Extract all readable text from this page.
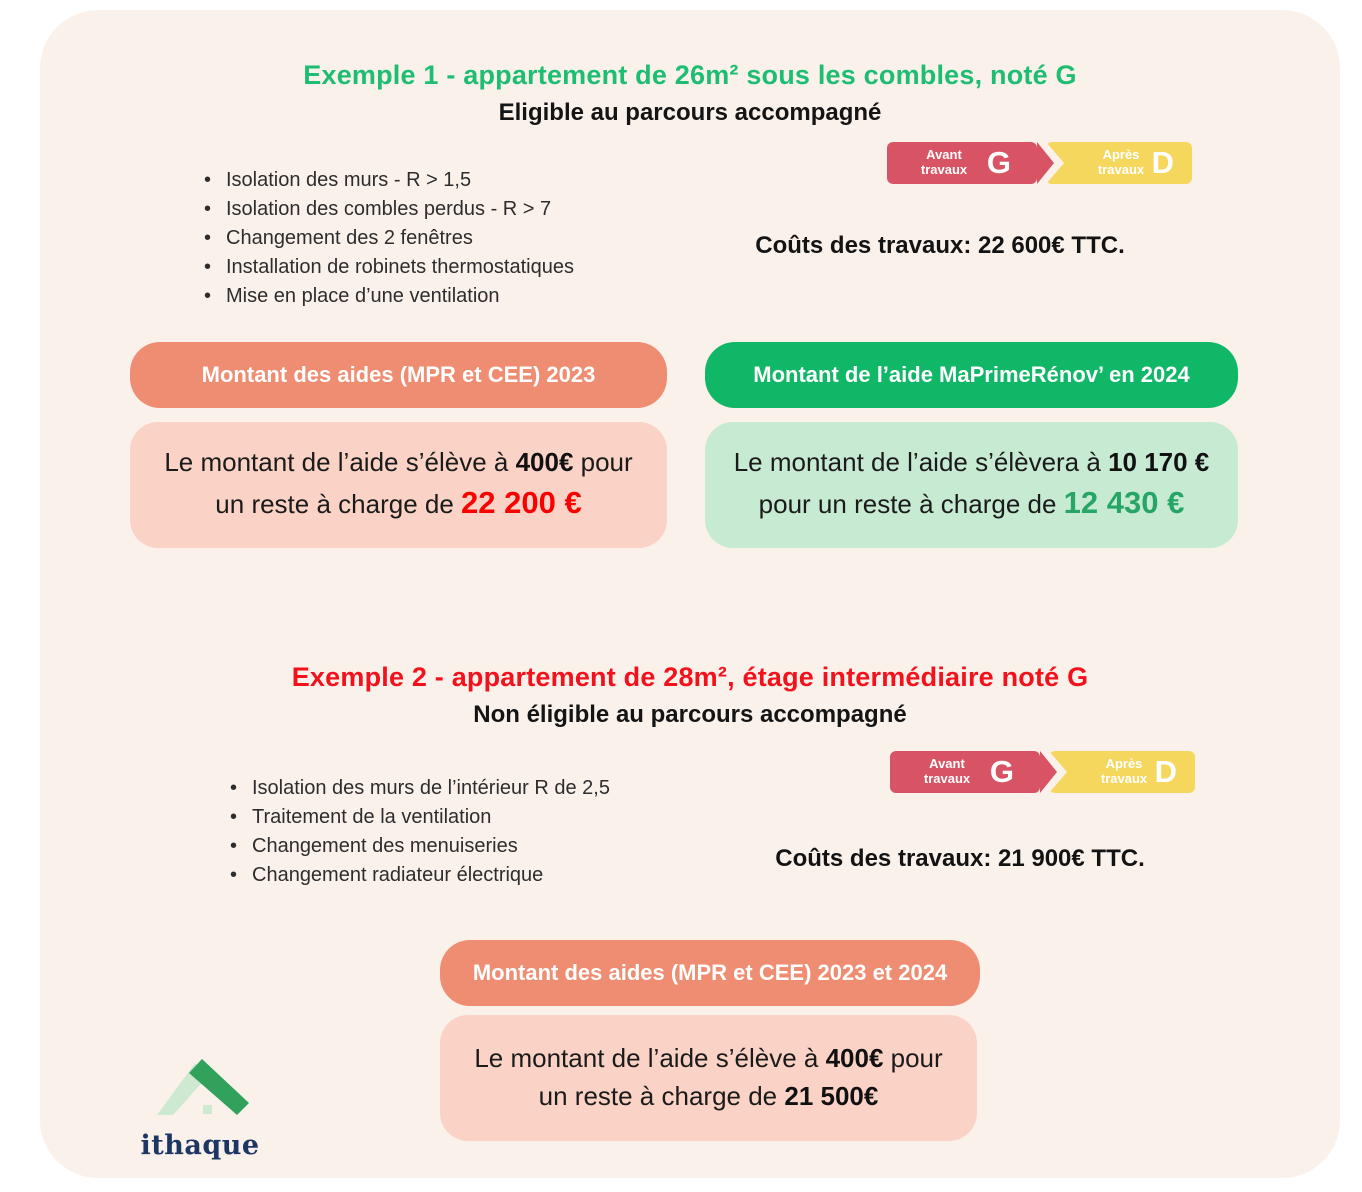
Exemple 1 - appartement de 26m² sous les combles, noté G
Eligible au parcours accompagné
• Isolation des murs - R > 1,5
• Isolation des combles perdus - R > 7
• Changement des 2 fenêtres
• Installation de robinets thermostatiques
• Mise en place d’une ventilation
Après travaux D
Avant travaux G
Coûts des travaux: 22 600€ TTC.
Montant des aides (MPR et CEE) 2023	Montant de l’aide MaPrimeRénov’ en 2024

Le montant de l’aide s’élève à 400€ pour un reste à charge de 22 200 €

Le montant de l’aide s’élèvera à 10 170 € pour un reste à charge de 12 430 €

Exemple 2 - appartement de 28m², étage intermédiaire noté G
Non éligible au parcours accompagné
• Isolation des murs de l’intérieur R de 2,5
• Traitement de la ventilation
• Changement des menuiseries
• Changement radiateur électrique
Après travaux D
Avant travaux G
Coûts des travaux: 21 900€ TTC.
Montant des aides (MPR et CEE) 2023 et 2024

Le montant de l’aide s’élève à 400€ pour un reste à charge de 21 500€

ithaque
